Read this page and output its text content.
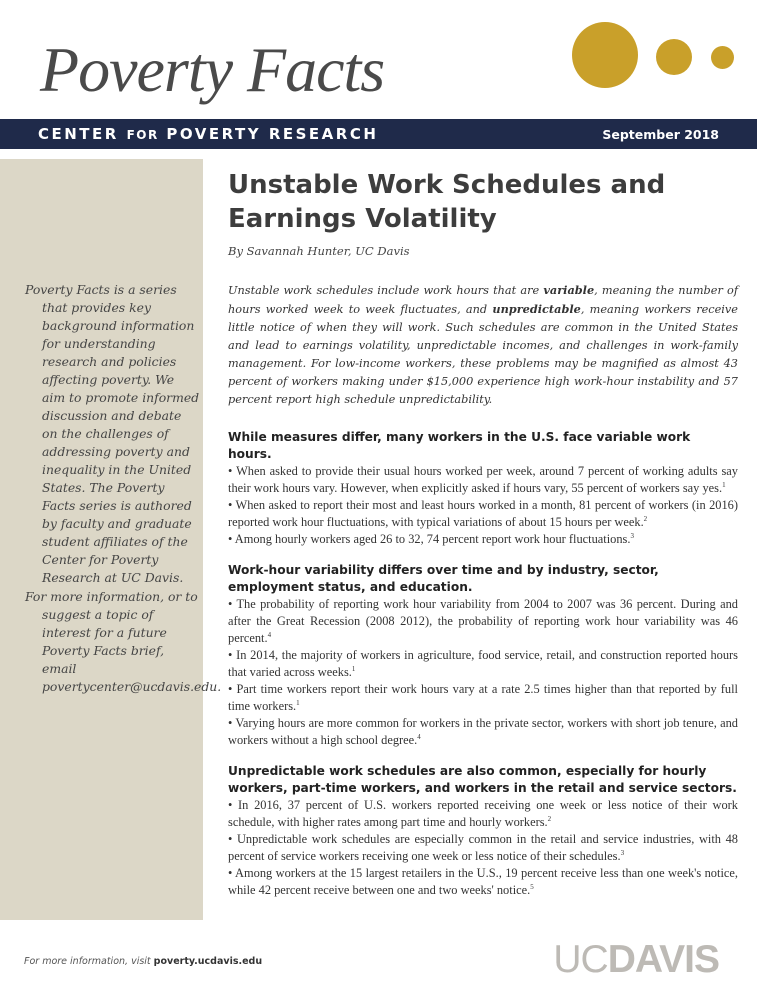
Poverty Facts
CENTER FOR POVERTY RESEARCH	September 2018

Poverty Facts is a series that provides key background information for understanding research and policies affecting poverty. We aim to promote informed discussion and debate on the challenges of addressing poverty and inequality in the United States. The Poverty Facts series is authored by faculty and graduate student affiliates of the Center for Poverty Research at UC Davis.

For more information, or to suggest a topic of interest for a future Poverty Facts brief, email povertycenter@ucdavis.edu.

Unstable Work Schedules and
Earnings Volatility

By Savannah Hunter, UC Davis

Unstable work schedules include work hours that are variable, meaning the number of hours worked week to week fluctuates, and unpredictable, meaning workers receive little notice of when they will work. Such schedules are common in the United States and lead to earnings volatility, unpredictable incomes, and challenges in work-family management. For low-income workers, these problems may be magnified as almost 43 percent of workers making under $15,000 experience high work-hour instability and 57 percent report high schedule unpredictability.

While measures differ, many workers in the U.S. face variable work hours.

• When asked to provide their usual hours worked per week, around 7 percent of working adults say their work hours vary. However, when explicitly asked if hours vary, 55 percent of workers say yes.$^1$

• When asked to report their most and least hours worked in a month, 81 percent of workers (in 2016) reported work hour fluctuations, with typical variations of about 15 hours per week.$^2$

• Among hourly workers aged 26 to 32, 74 percent report work hour fluctuations.$^3$

Work-hour variability differs over time and by industry, sector, employment status, and education.

• The probability of reporting work hour variability from 2004 to 2007 was 36 percent. During and after the Great Recession (2008 2012), the probability of reporting work hour variability was 46 percent.$^4$

• In 2014, the majority of workers in agriculture, food service, retail, and construction reported hours that varied across weeks.$^1$

• Part time workers report their work hours vary at a rate 2.5 times higher than that reported by full time workers.$^1$

• Varying hours are more common for workers in the private sector, workers with short job tenure, and workers without a high school degree.$^4$

Unpredictable work schedules are also common, especially for hourly workers, part-time workers, and workers in the retail and service sectors.

• In 2016, 37 percent of U.S. workers reported receiving one week or less notice of their work schedule, with higher rates among part time and hourly workers.$^2$

• Unpredictable work schedules are especially common in the retail and service industries, with 48 percent of service workers receiving one week or less notice of their schedules.$^3$

• Among workers at the 15 largest retailers in the U.S., 19 percent receive less than one week's notice, while 42 percent receive between one and two weeks' notice.$^5$

For more information, visit poverty.ucdavis.edu	UCDAVIS
